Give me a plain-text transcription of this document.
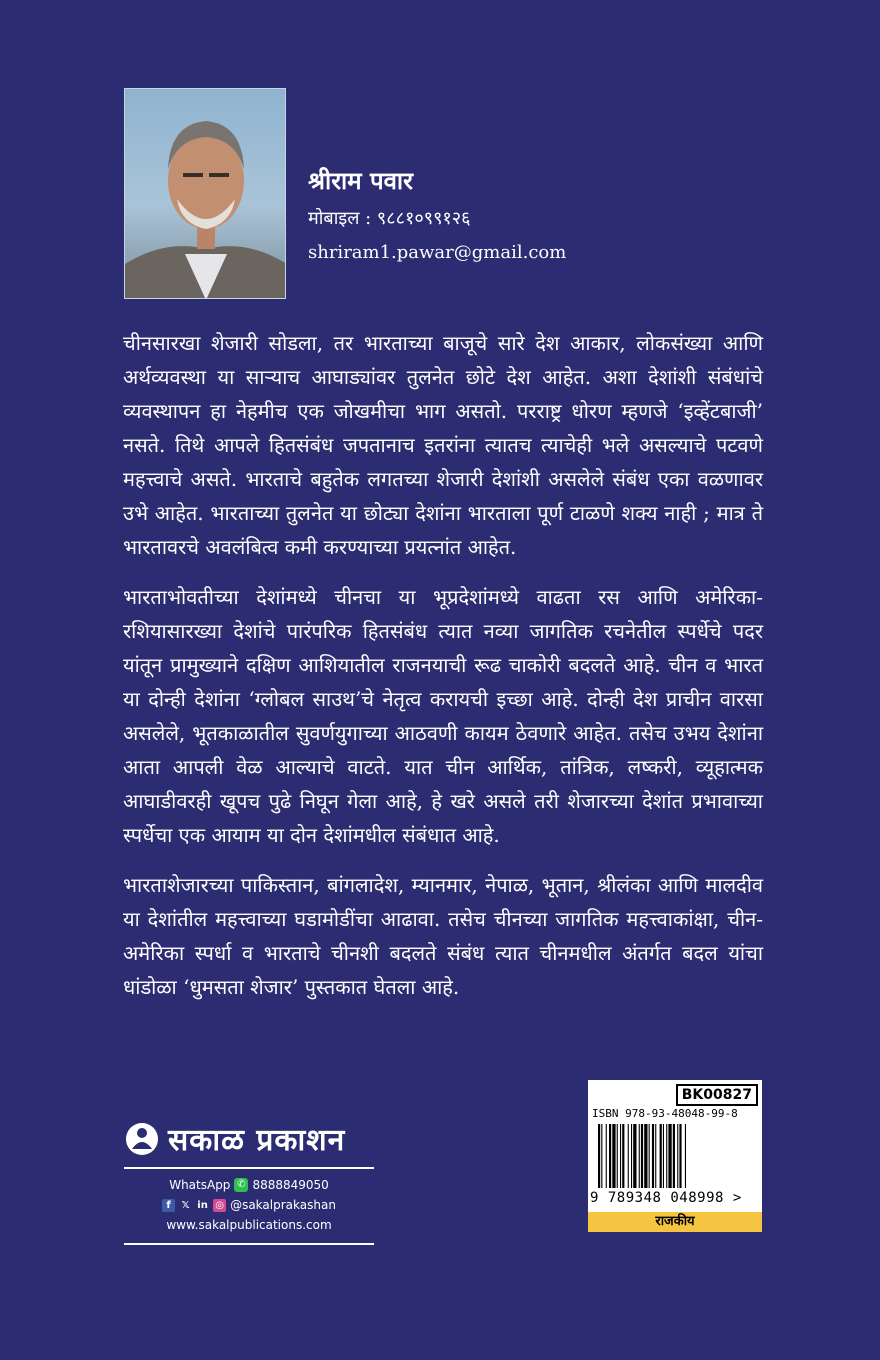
श्रीराम पवार
मोबाइल : ९८८१०९९१२६
shriram1.pawar@gmail.com

चीनसारखा शेजारी सोडला, तर भारताच्या बाजूचे सारे देश आकार, लोकसंख्या आणि अर्थव्यवस्था या साऱ्याच आघाड्यांवर तुलनेत छोटे देश आहेत. अशा देशांशी संबंधांचे व्यवस्थापन हा नेहमीच एक जोखमीचा भाग असतो. परराष्ट्र धोरण म्हणजे ‘इव्हेंटबाजी’ नसते. तिथे आपले हितसंबंध जपतानाच इतरांना त्यातच त्याचेही भले असल्याचे पटवणे महत्त्वाचे असते. भारताचे बहुतेक लगतच्या शेजारी देशांशी असलेले संबंध एका वळणावर उभे आहेत. भारताच्या तुलनेत या छोट्या देशांना भारताला पूर्ण टाळणे शक्य नाही ; मात्र ते भारतावरचे अवलंबित्व कमी करण्याच्या प्रयत्नांत आहेत.

भारताभोवतीच्या देशांमध्ये चीनचा या भूप्रदेशांमध्ये वाढता रस आणि अमेरिका-रशियासारख्या देशांचे पारंपरिक हितसंबंध त्यात नव्या जागतिक रचनेतील स्पर्धेचे पदर यांतून प्रामुख्याने दक्षिण आशियातील राजनयाची रूढ चाकोरी बदलते आहे. चीन व भारत या दोन्ही देशांना ‘ग्लोबल साउथ’चे नेतृत्व करायची इच्छा आहे. दोन्ही देश प्राचीन वारसा असलेले, भूतकाळातील सुवर्णयुगाच्या आठवणी कायम ठेवणारे आहेत. तसेच उभय देशांना आता आपली वेळ आल्याचे वाटते. यात चीन आर्थिक, तांत्रिक, लष्करी, व्यूहात्मक आघाडीवरही खूपच पुढे निघून गेला आहे, हे खरे असले तरी शेजारच्या देशांत प्रभावाच्या स्पर्धेचा एक आयाम या दोन देशांमधील संबंधात आहे.

भारताशेजारच्या पाकिस्तान, बांगलादेश, म्यानमार, नेपाळ, भूतान, श्रीलंका आणि मालदीव या देशांतील महत्त्वाच्या घडामोडींचा आढावा. तसेच चीनच्या जागतिक महत्त्वाकांक्षा, चीन-अमेरिका स्पर्धा व भारताचे चीनशी बदलते संबंध त्यात चीनमधील अंतर्गत बदल यांचा धांडोळा ‘धुमसता शेजार’ पुस्तकात घेतला आहे.

सकाळ प्रकाशन
WhatsApp ✆ 8888849050
f	𝕏 in ◎ @sakalprakashan
www.sakalpublications.com
BK00827
ISBN 978-93-48048-99-8
9 789348 048998 >
राजकीय
